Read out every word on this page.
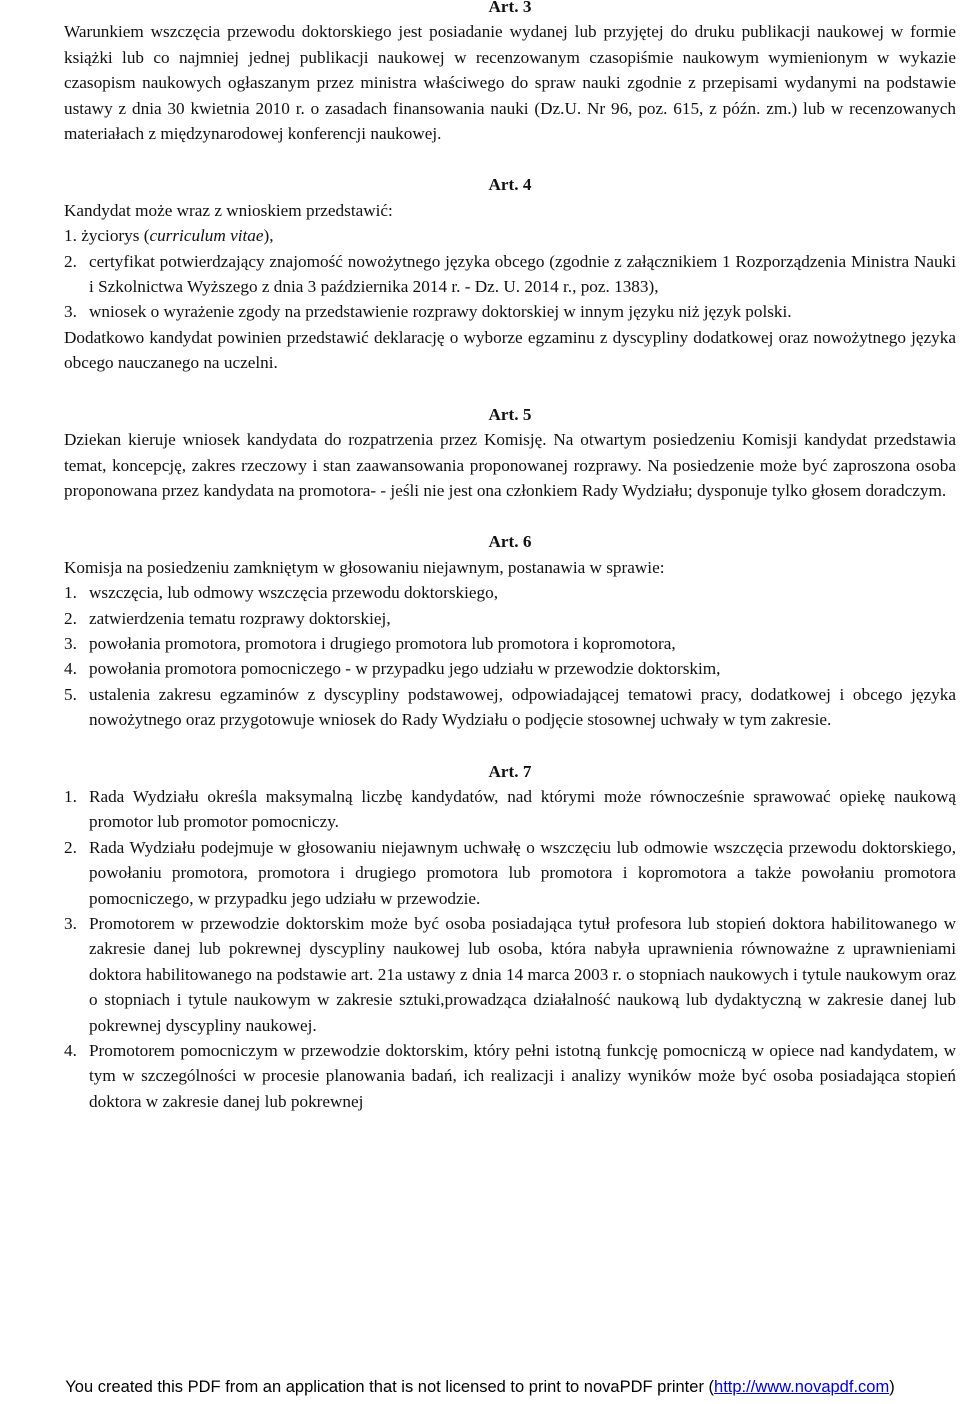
Art. 3

Warunkiem wszczęcia przewodu doktorskiego jest posiadanie wydanej lub przyjętej do druku publikacji naukowej w formie książki lub co najmniej jednej publikacji naukowej w recenzowanym czasopiśmie naukowym wymienionym w wykazie czasopism naukowych ogłaszanym przez ministra właściwego do spraw nauki zgodnie z przepisami wydanymi na podstawie ustawy z dnia 30 kwietnia 2010 r. o zasadach finansowania nauki (Dz.U. Nr 96, poz. 615, z późn. zm.) lub w recenzowanych materiałach z międzynarodowej konferencji naukowej.

Art. 4

Kandydat może wraz z wnioskiem przedstawić:

1. życiorys (curriculum vitae),

2. certyfikat potwierdzający znajomość nowożytnego języka obcego (zgodnie z załącznikiem 1 Rozporządzenia Ministra Nauki i Szkolnictwa Wyższego z dnia 3 października 2014 r. - Dz. U. 2014 r., poz. 1383),
3. wniosek o wyrażenie zgody na przedstawienie rozprawy doktorskiej w innym języku niż język polski.

Dodatkowo kandydat powinien przedstawić deklarację o wyborze egzaminu z dyscypliny dodatkowej oraz nowożytnego języka obcego nauczanego na uczelni.

Art. 5

Dziekan kieruje wniosek kandydata do rozpatrzenia przez Komisję. Na otwartym posiedzeniu Komisji kandydat przedstawia temat, koncepcję, zakres rzeczowy i stan zaawansowania proponowanej rozprawy. Na posiedzenie może być zaproszona osoba proponowana przez kandydata na promotora- - jeśli nie jest ona członkiem Rady Wydziału; dysponuje tylko głosem doradczym.

Art. 6

Komisja na posiedzeniu zamkniętym w głosowaniu niejawnym, postanawia w sprawie:

1. wszczęcia, lub odmowy wszczęcia przewodu doktorskiego,
2. zatwierdzenia tematu rozprawy doktorskiej,
3. powołania promotora, promotora i drugiego promotora lub promotora i kopromotora,
4. powołania promotora pomocniczego - w przypadku jego udziału w przewodzie doktorskim,
5. ustalenia zakresu egzaminów z dyscypliny podstawowej, odpowiadającej tematowi pracy, dodatkowej i obcego języka nowożytnego oraz przygotowuje wniosek do Rady Wydziału o podjęcie stosownej uchwały w tym zakresie.

Art. 7

1. Rada Wydziału określa maksymalną liczbę kandydatów, nad którymi może równocześnie sprawować opiekę naukową promotor lub promotor pomocniczy.
2. Rada Wydziału podejmuje w głosowaniu niejawnym uchwałę o wszczęciu lub odmowie wszczęcia przewodu doktorskiego, powołaniu promotora, promotora i drugiego promotora lub promotora i kopromotora a także powołaniu promotora pomocniczego, w przypadku jego udziału w przewodzie.
3. Promotorem w przewodzie doktorskim może być osoba posiadająca tytuł profesora lub stopień doktora habilitowanego w zakresie danej lub pokrewnej dyscypliny naukowej lub osoba, która nabyła uprawnienia równoważne z uprawnieniami doktora habilitowanego na podstawie art. 21a ustawy z dnia 14 marca 2003 r. o stopniach naukowych i tytule naukowym oraz o stopniach i tytule naukowym w zakresie sztuki,prowadząca działalność naukową lub dydaktyczną w zakresie danej lub pokrewnej dyscypliny naukowej.
4. Promotorem pomocniczym w przewodzie doktorskim, który pełni istotną funkcję pomocniczą w opiece nad kandydatem, w tym w szczególności w procesie planowania badań, ich realizacji i analizy wyników może być osoba posiadająca stopień doktora w zakresie danej lub pokrewnej
You created this PDF from an application that is not licensed to print to novaPDF printer (http://www.novapdf.com)
